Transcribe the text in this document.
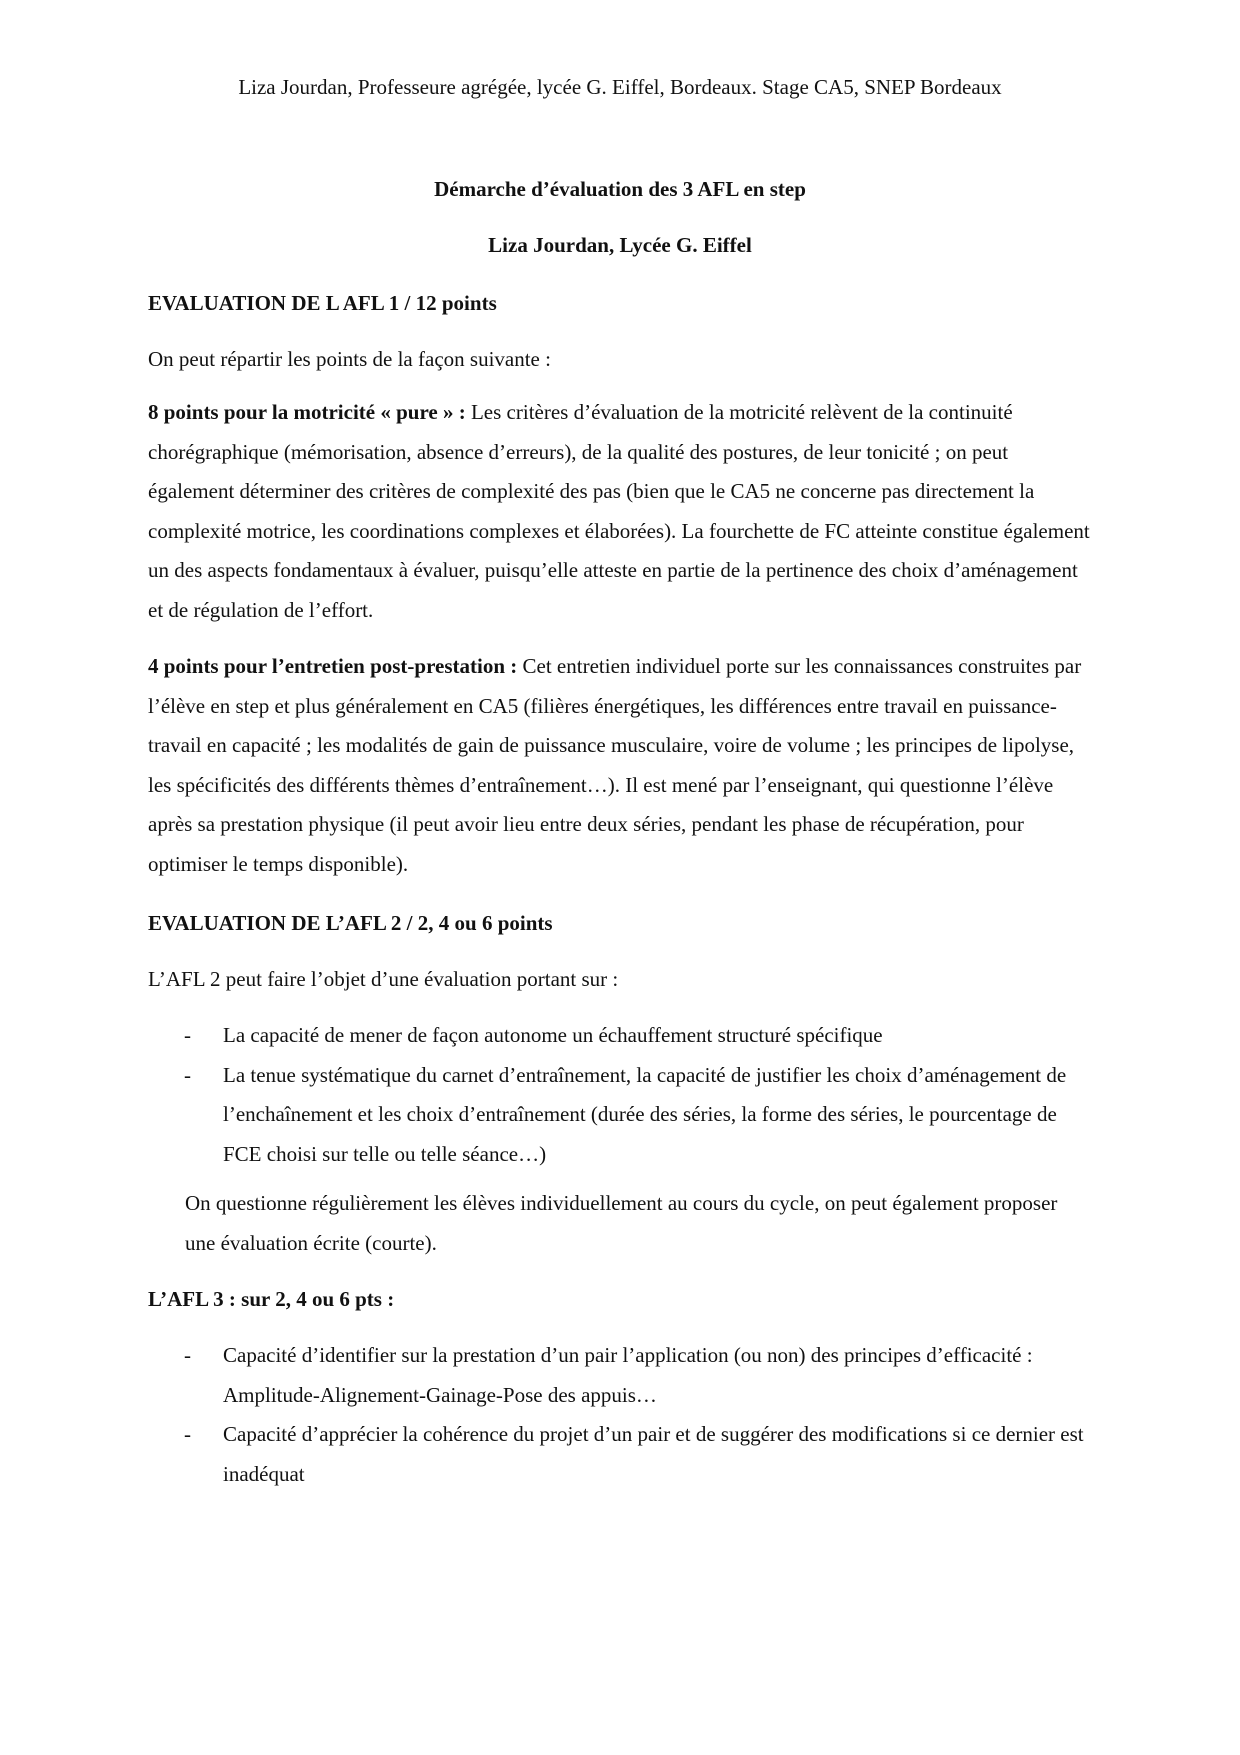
Liza Jourdan, Professeure agrégée, lycée G. Eiffel, Bordeaux. Stage CA5, SNEP Bordeaux
Démarche d’évaluation des 3 AFL en step
Liza Jourdan, Lycée G. Eiffel
EVALUATION DE L AFL 1 / 12 points
On peut répartir les points de la façon suivante :
8 points pour la motricité « pure » : Les critères d’évaluation de la motricité relèvent de la continuité chorégraphique (mémorisation, absence d’erreurs), de la qualité des postures, de leur tonicité ; on peut également déterminer des critères de complexité des pas (bien que le CA5 ne concerne pas directement la complexité motrice, les coordinations complexes et élaborées). La fourchette de FC atteinte constitue également un des aspects fondamentaux à évaluer, puisqu’elle atteste en partie de la pertinence des choix d’aménagement et de régulation de l’effort.
4 points pour l’entretien post-prestation : Cet entretien individuel porte sur les connaissances construites par l’élève en step et plus généralement en CA5 (filières énergétiques, les différences entre travail en puissance-travail en capacité ; les modalités de gain de puissance musculaire, voire de volume ; les principes de lipolyse, les spécificités des différents thèmes d’entraînement…). Il est mené par l’enseignant, qui questionne l’élève après sa prestation physique (il peut avoir lieu entre deux séries, pendant les phase de récupération, pour optimiser le temps disponible).
EVALUATION DE L’AFL 2 / 2, 4 ou 6 points
L’AFL 2 peut faire l’objet d’une évaluation portant sur :
- La capacité de mener de façon autonome un échauffement structuré spécifique
- La tenue systématique du carnet d’entraînement, la capacité de justifier les choix d’aménagement de l’enchaînement et les choix d’entraînement (durée des séries, la forme des séries, le pourcentage de FCE choisi sur telle ou telle séance…)
On questionne régulièrement les élèves individuellement au cours du cycle, on peut également proposer une évaluation écrite (courte).
L’AFL 3 : sur 2, 4 ou 6 pts :
- Capacité d’identifier sur la prestation d’un pair l’application (ou non) des principes d’efficacité : Amplitude-Alignement-Gainage-Pose des appuis…
- Capacité d’apprécier la cohérence du projet d’un pair et de suggérer des modifications si ce dernier est inadéquat
